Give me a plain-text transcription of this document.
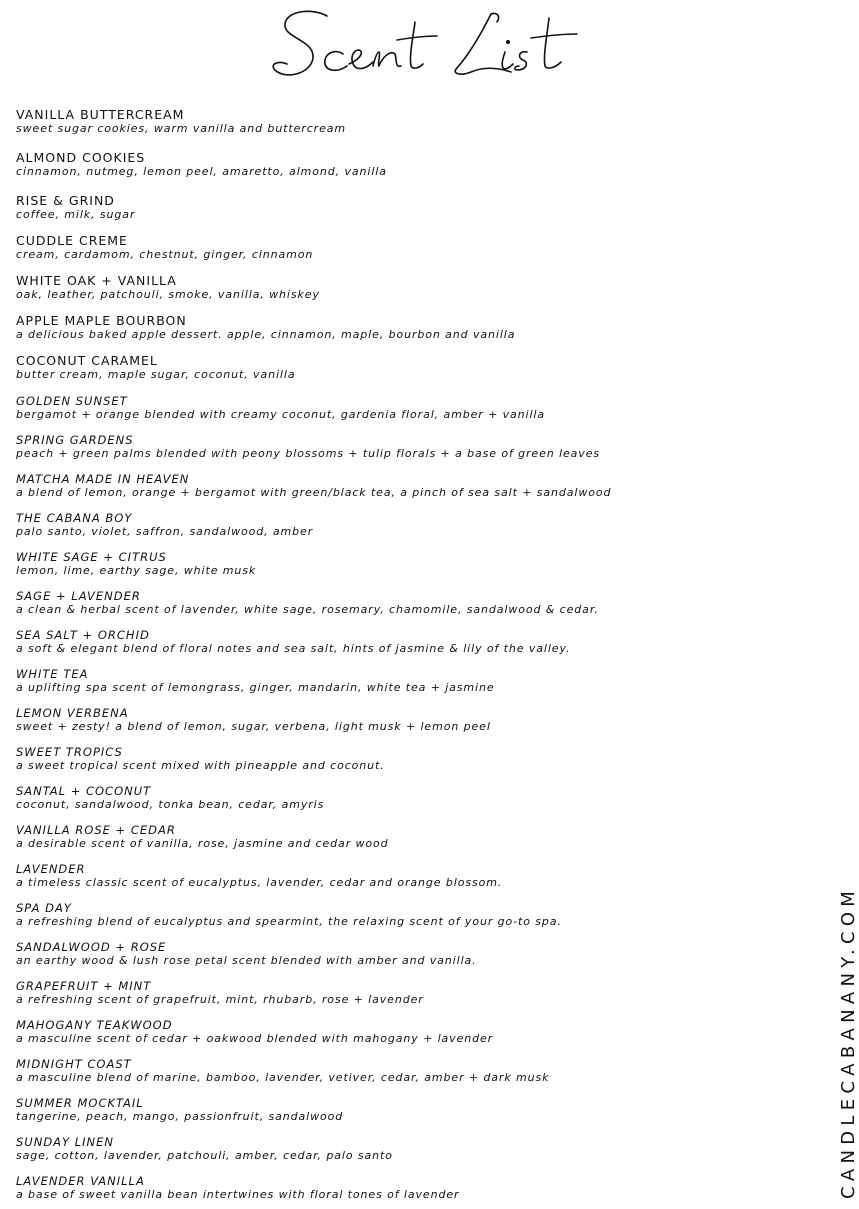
VANILLA BUTTERCREAM
sweet sugar cookies, warm vanilla and buttercream
ALMOND COOKIES
cinnamon, nutmeg, lemon peel, amaretto, almond, vanilla
RISE & GRIND
coffee, milk, sugar
CUDDLE CREME
cream, cardamom, chestnut, ginger, cinnamon
WHITE OAK + VANILLA
oak, leather, patchouli, smoke, vanilla, whiskey
APPLE MAPLE BOURBON
a delicious baked apple dessert. apple, cinnamon, maple, bourbon and vanilla
COCONUT CARAMEL
butter cream, maple sugar, coconut, vanilla
GOLDEN SUNSET
bergamot + orange blended with creamy coconut, gardenia floral, amber + vanilla
SPRING GARDENS
peach + green palms blended with peony blossoms + tulip florals + a base of green leaves
MATCHA MADE IN HEAVEN
a blend of lemon, orange + bergamot with green/black tea, a pinch of sea salt + sandalwood
THE CABANA BOY
palo santo, violet, saffron, sandalwood, amber
WHITE SAGE + CITRUS
lemon, lime, earthy sage, white musk
SAGE + LAVENDER
a clean & herbal scent of lavender, white sage, rosemary, chamomile, sandalwood & cedar.
SEA SALT + ORCHID
a soft & elegant blend of floral notes and sea salt, hints of jasmine & lily of the valley.
WHITE TEA
a uplifting spa scent of lemongrass, ginger, mandarin, white tea + jasmine
LEMON VERBENA
sweet + zesty! a blend of lemon, sugar, verbena, light musk + lemon peel
SWEET TROPICS
a sweet tropical scent mixed with pineapple and coconut.
SANTAL + COCONUT
coconut, sandalwood, tonka bean, cedar, amyris
VANILLA ROSE + CEDAR
a desirable scent of vanilla, rose, jasmine and cedar wood
LAVENDER
a timeless classic scent of eucalyptus, lavender, cedar and orange blossom.
SPA DAY
a refreshing blend of eucalyptus and spearmint, the relaxing scent of your go-to spa.
SANDALWOOD + ROSE
an earthy wood & lush rose petal scent blended with amber and vanilla.
GRAPEFRUIT + MINT
a refreshing scent of grapefruit, mint, rhubarb, rose + lavender
MAHOGANY TEAKWOOD
a masculine scent of cedar + oakwood blended with mahogany + lavender
MIDNIGHT COAST
a masculine blend of marine, bamboo, lavender, vetiver, cedar, amber + dark musk
SUMMER MOCKTAIL
tangerine, peach, mango, passionfruit, sandalwood
SUNDAY LINEN
sage, cotton, lavender, patchouli, amber, cedar, palo santo
LAVENDER VANILLA
a base of sweet vanilla bean intertwines with floral tones of lavender	CANDLECABANANY.COM
